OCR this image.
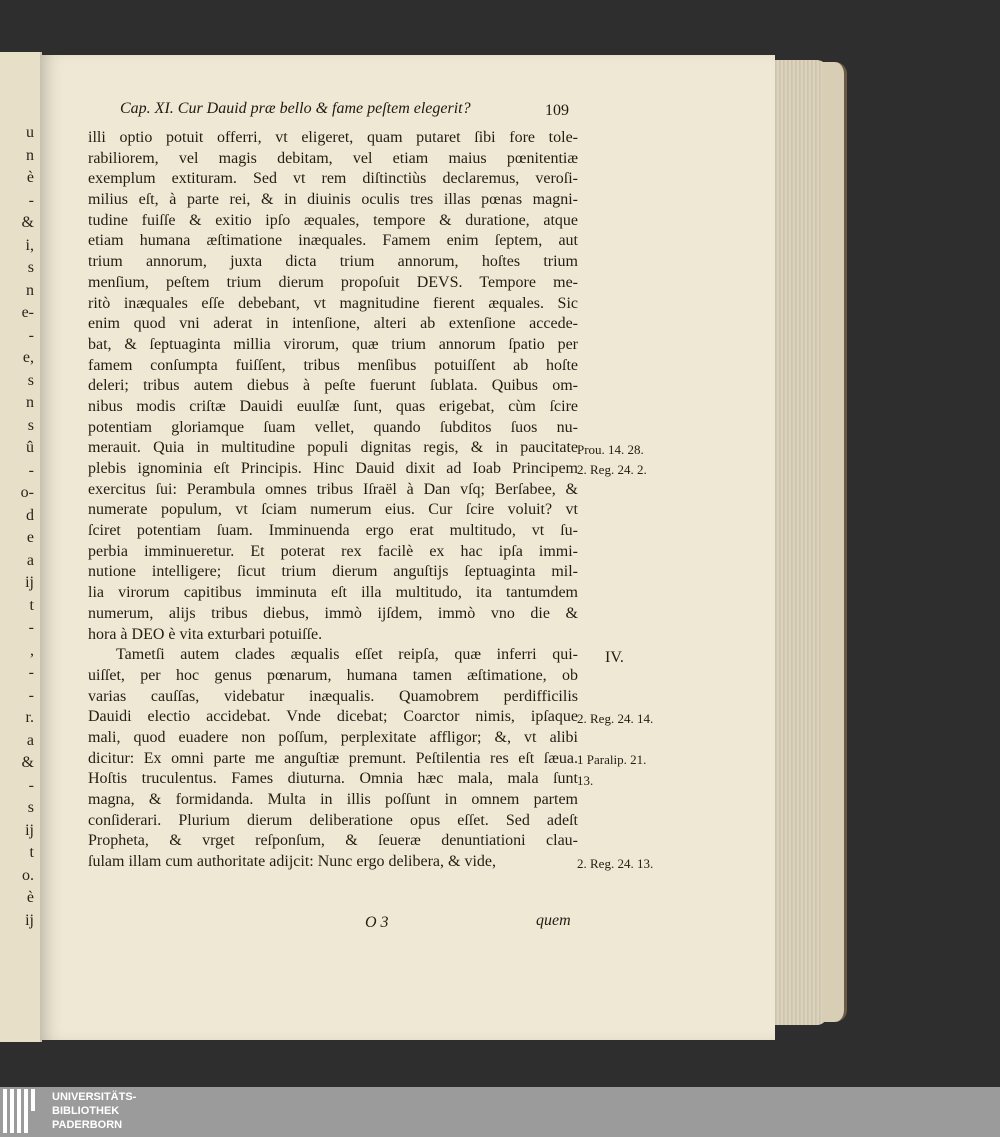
u
n
è
-
&
i,
s
n
e-
-
e,
s
n
s
û
-
o-
d
e
a
ij
t
-
,
-
-
r.
a
&
-
s
ij
t
o.
è
ij
Cap. XI. Cur Dauid præ bello & fame peſtem elegerit?	109
illi optio potuit offerri, vt eligeret, quam putaret ſibi fore tole-
rabiliorem, vel magis debitam, vel etiam maius pœnitentiæ
exemplum extituram. Sed vt rem diſtinctiùs declaremus, veroſi-
milius eſt, à parte rei, & in diuinis oculis tres illas pœnas magni-
tudine fuiſſe & exitio ipſo æquales, tempore & duratione, atque
etiam humana æſtimatione inæquales. Famem enim ſeptem, aut
trium annorum, juxta dicta trium annorum, hoſtes trium
menſium, peſtem trium dierum propoſuit DEVS. Tempore me-
ritò inæquales eſſe debebant, vt magnitudine fierent æquales. Sic
enim quod vni aderat in intenſione, alteri ab extenſione accede-
bat, & ſeptuaginta millia virorum, quæ trium annorum ſpatio per
famem conſumpta fuiſſent, tribus menſibus potuiſſent ab hoſte
deleri; tribus autem diebus à peſte fuerunt ſublata. Quibus om-
nibus modis criſtæ Dauidi euulſæ ſunt, quas erigebat, cùm ſcire
potentiam gloriamque ſuam vellet, quando ſubditos ſuos nu-
merauit. Quia in multitudine populi dignitas regis, & in paucitate
plebis ignominia eſt Principis. Hinc Dauid dixit ad Ioab Principem
exercitus ſui: Perambula omnes tribus Iſraël à Dan vſq; Berſabee, &
numerate populum, vt ſciam numerum eius. Cur ſcire voluit? vt
ſciret potentiam ſuam. Imminuenda ergo erat multitudo, vt ſu-
perbia imminueretur. Et poterat rex facilè ex hac ipſa immi-
nutione intelligere; ſicut trium dierum anguſtijs ſeptuaginta mil-
lia virorum capitibus imminuta eſt illa multitudo, ita tantumdem
numerum, alijs tribus diebus, immò ijſdem, immò vno die &
hora à DEO è vita exturbari potuiſſe.
Tametſi autem clades æqualis eſſet reipſa, quæ inferri qui-
uiſſet, per hoc genus pœnarum, humana tamen æſtimatione, ob
varias cauſſas, videbatur inæqualis. Quamobrem perdifficilis
Dauidi electio accidebat. Vnde dicebat; Coarctor nimis, ipſaque
mali, quod euadere non poſſum, perplexitate affligor; &, vt alibi
dicitur: Ex omni parte me anguſtiæ premunt. Peſtilentia res eſt ſæua.
Hoſtis truculentus. Fames diuturna. Omnia hæc mala, mala ſunt
magna, & formidanda. Multa in illis poſſunt in omnem partem
conſiderari. Plurium dierum deliberatione opus eſſet. Sed adeſt
Propheta, & vrget reſponſum, & ſeueræ denuntiationi clau-
ſulam illam cum authoritate adijcit: Nunc ergo delibera, & vide,
Prou. 14. 28.
2. Reg. 24. 2.
IV.
2. Reg. 24. 14.
1 Paralip. 21.
13.
2. Reg. 24. 13.
O 3	quem
UNIVERSITÄTS-
BIBLIOTHEK
PADERBORN
